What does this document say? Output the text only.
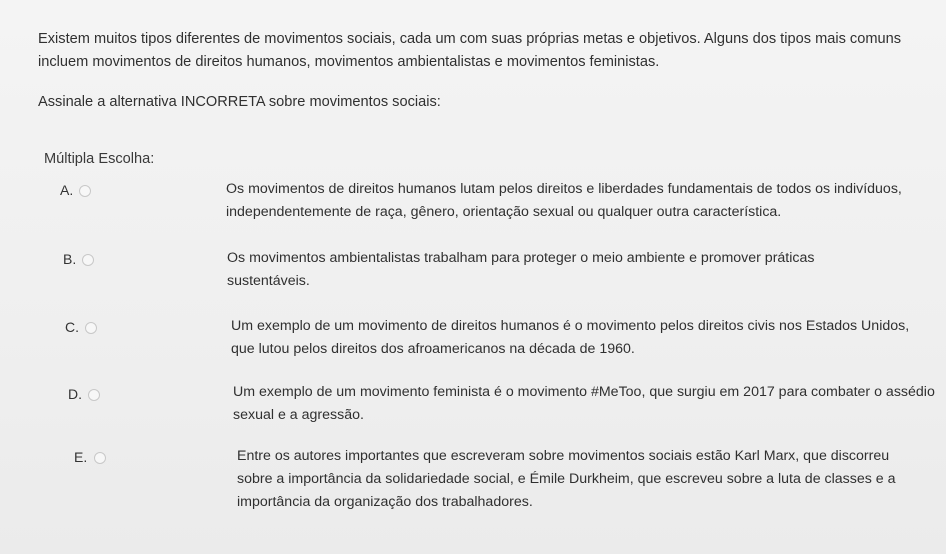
Existem muitos tipos diferentes de movimentos sociais, cada um com suas próprias metas e objetivos. Alguns dos tipos mais comuns incluem movimentos de direitos humanos, movimentos ambientalistas e movimentos feministas.
Assinale a alternativa INCORRETA sobre movimentos sociais:
Múltipla Escolha:
A.	Os movimentos de direitos humanos lutam pelos direitos e liberdades fundamentais de todos os indivíduos, independentemente de raça, gênero, orientação sexual ou qualquer outra característica.
B.	Os movimentos ambientalistas trabalham para proteger o meio ambiente e promover práticas sustentáveis.
C.	Um exemplo de um movimento de direitos humanos é o movimento pelos direitos civis nos Estados Unidos, que lutou pelos direitos dos afroamericanos na década de 1960.
D.	Um exemplo de um movimento feminista é o movimento #MeToo, que surgiu em 2017 para combater o assédio sexual e a agressão.
E.	Entre os autores importantes que escreveram sobre movimentos sociais estão Karl Marx, que discorreu sobre a importância da solidariedade social, e Émile Durkheim, que escreveu sobre a luta de classes e a importância da organização dos trabalhadores.
